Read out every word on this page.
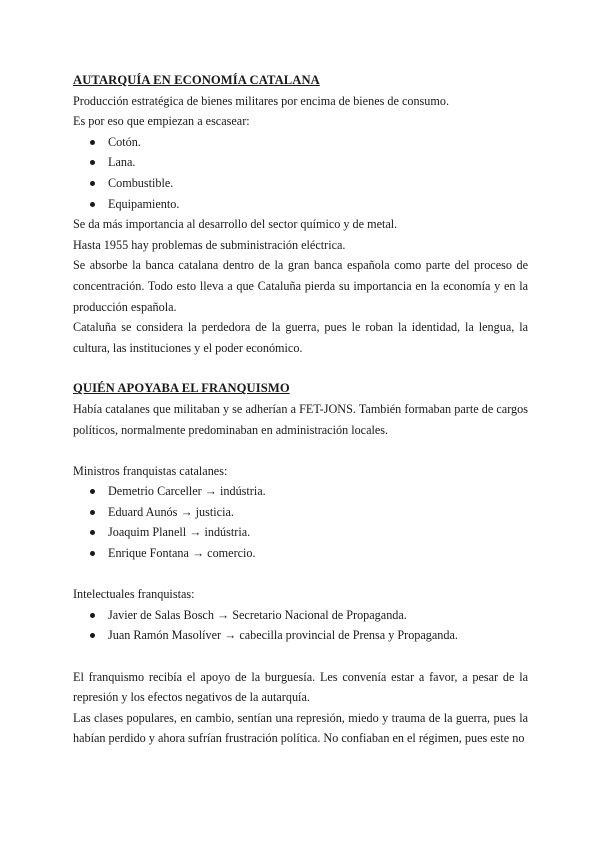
AUTARQUÍA EN ECONOMÍA CATALANA

Producción estratégica de bienes militares por encima de bienes de consumo.

Es por eso que empiezan a escasear:

Cotón.
Lana.
Combustible.
Equipamiento.

Se da más importancia al desarrollo del sector químico y de metal.

Hasta 1955 hay problemas de subministración eléctrica.

Se absorbe la banca catalana dentro de la gran banca española como parte del proceso de concentración. Todo esto lleva a que Cataluña pierda su importancia en la economía y en la producción española.

Cataluña se considera la perdedora de la guerra, pues le roban la identidad, la lengua, la cultura, las instituciones y el poder económico.

QUIÉN APOYABA EL FRANQUISMO

Había catalanes que militaban y se adherían a FET-JONS. También formaban parte de cargos políticos, normalmente predominaban en administración locales.

Ministros franquistas catalanes:

Demetrio Carceller → indústria.
Eduard Aunós → justicia.
Joaquim Planell → indústria.
Enrique Fontana → comercio.

Intelectuales franquistas:

Javier de Salas Bosch → Secretario Nacional de Propaganda.
Juan Ramón Masolíver → cabecilla provincial de Prensa y Propaganda.

El franquismo recibía el apoyo de la burguesía. Les convenía estar a favor, a pesar de la represión y los efectos negativos de la autarquía.

Las clases populares, en cambio, sentían una represión, miedo y trauma de la guerra, pues la habían perdido y ahora sufrían frustración política. No confiaban en el régimen, pues este no
